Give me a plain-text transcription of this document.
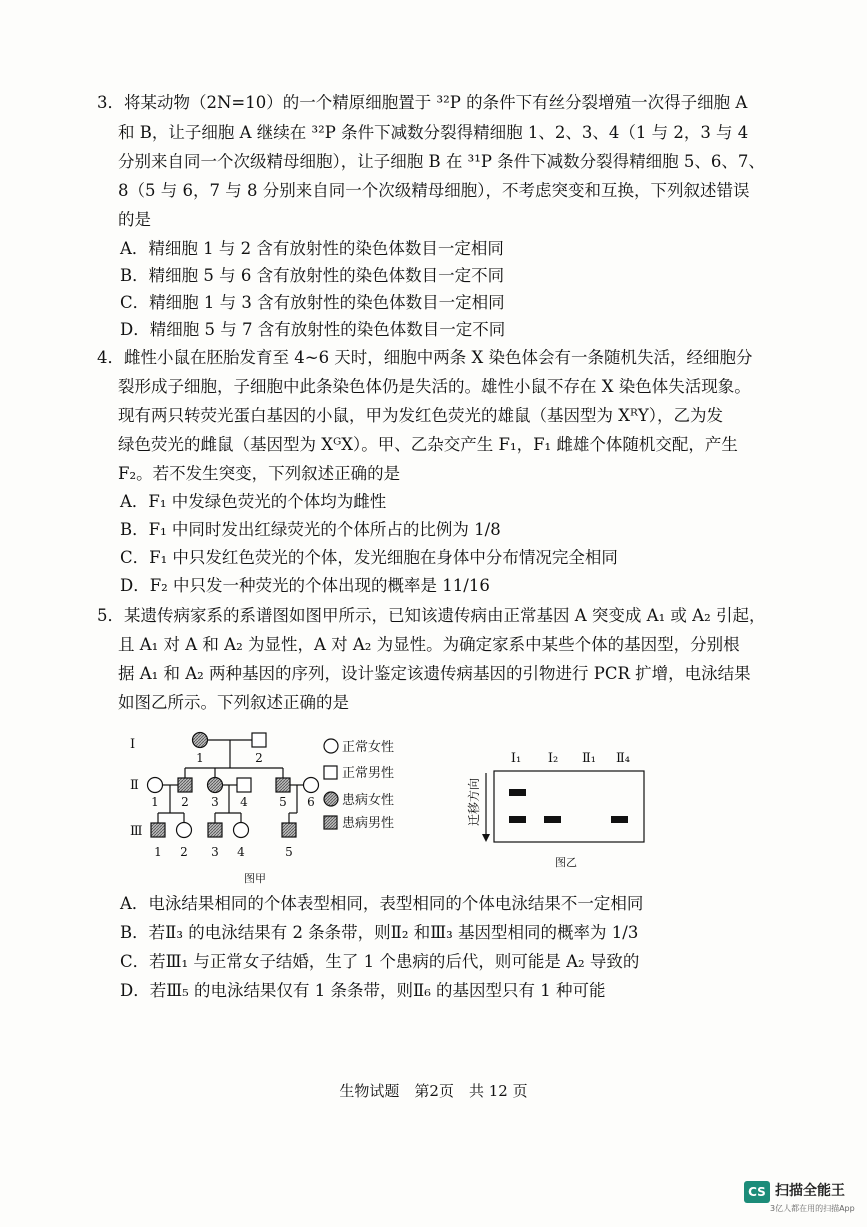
3．将某动物（2N=10）的一个精原细胞置于 ³²P 的条件下有丝分裂增殖一次得子细胞 A
和 B，让子细胞 A 继续在 ³²P 条件下减数分裂得精细胞 1、2、3、4（1 与 2，3 与 4
分别来自同一个次级精母细胞），让子细胞 B 在 ³¹P 条件下减数分裂得精细胞 5、6、7、
8（5 与 6，7 与 8 分别来自同一个次级精母细胞），不考虑突变和互换，下列叙述错误
的是
A．精细胞 1 与 2 含有放射性的染色体数目一定相同
B．精细胞 5 与 6 含有放射性的染色体数目一定不同
C．精细胞 1 与 3 含有放射性的染色体数目一定相同
D．精细胞 5 与 7 含有放射性的染色体数目一定不同
4．雌性小鼠在胚胎发育至 4~6 天时，细胞中两条 X 染色体会有一条随机失活，经细胞分
裂形成子细胞，子细胞中此条染色体仍是失活的。雄性小鼠不存在 X 染色体失活现象。
现有两只转荧光蛋白基因的小鼠，甲为发红色荧光的雄鼠（基因型为 XᴿY），乙为发
绿色荧光的雌鼠（基因型为 XᴳX）。甲、乙杂交产生 F₁，F₁ 雌雄个体随机交配，产生
F₂。若不发生突变，下列叙述正确的是
A．F₁ 中发绿色荧光的个体均为雌性
B．F₁ 中同时发出红绿荧光的个体所占的比例为 1/8
C．F₁ 中只发红色荧光的个体，发光细胞在身体中分布情况完全相同
D．F₂ 中只发一种荧光的个体出现的概率是 11/16
5．某遗传病家系的系谱图如图甲所示，已知该遗传病由正常基因 A 突变成 A₁ 或 A₂ 引起，
且 A₁ 对 A 和 A₂ 为显性，A 对 A₂ 为显性。为确定家系中某些个体的基因型，分别根
据 A₁ 和 A₂ 两种基因的序列，设计鉴定该遗传病基因的引物进行 PCR 扩增，电泳结果
如图乙所示。下列叙述正确的是
Ⅰ
Ⅱ
Ⅲ
1	2
1 2 3 4	5 6
1 2 3 4	5
图甲
正常女性
正常男性
患病女性
患病男性
Ⅰ₁ Ⅰ₂ Ⅱ₁ Ⅱ₄
迁移方向
图乙
A．电泳结果相同的个体表型相同，表型相同的个体电泳结果不一定相同
B．若Ⅱ₃ 的电泳结果有 2 条条带，则Ⅱ₂ 和Ⅲ₃ 基因型相同的概率为 1/3
C．若Ⅲ₁ 与正常女子结婚，生了 1 个患病的后代，则可能是 A₂ 导致的
D．若Ⅲ₅ 的电泳结果仅有 1 条条带，则Ⅱ₆ 的基因型只有 1 种可能
生物试题　第2页　共 12 页
CS 扫描全能王
3亿人都在用的扫描App
